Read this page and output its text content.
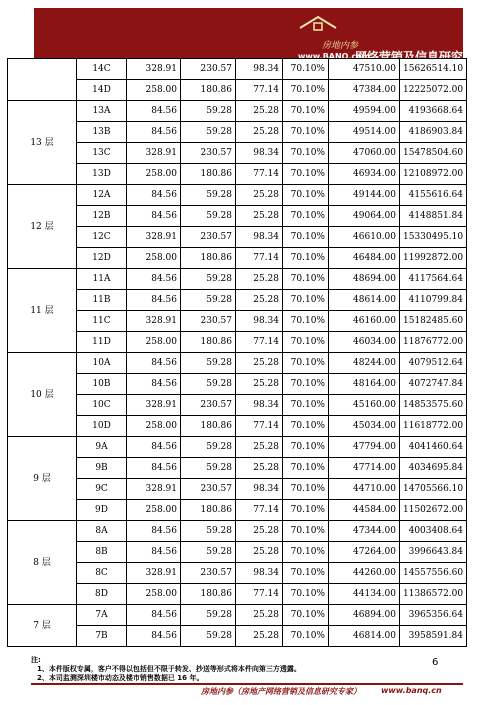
房地内参
www.BANQ.com
网络营销及信息研究专家
	14C	328.91	230.57	98.34	70.10%	47510.00	15626514.10
	14D	258.00	180.86	77.14	70.10%	47384.00	12225072.00
13 层	13A	84.56	59.28	25.28	70.10%	49594.00	4193668.64
	13B	84.56	59.28	25.28	70.10%	49514.00	4186903.84
	13C	328.91	230.57	98.34	70.10%	47060.00	15478504.60
	13D	258.00	180.86	77.14	70.10%	46934.00	12108972.00
12 层	12A	84.56	59.28	25.28	70.10%	49144.00	4155616.64
	12B	84.56	59.28	25.28	70.10%	49064.00	4148851.84
	12C	328.91	230.57	98.34	70.10%	46610.00	15330495.10
	12D	258.00	180.86	77.14	70.10%	46484.00	11992872.00
11 层	11A	84.56	59.28	25.28	70.10%	48694.00	4117564.64
	11B	84.56	59.28	25.28	70.10%	48614.00	4110799.84
	11C	328.91	230.57	98.34	70.10%	46160.00	15182485.60
	11D	258.00	180.86	77.14	70.10%	46034.00	11876772.00
10 层	10A	84.56	59.28	25.28	70.10%	48244.00	4079512.64
	10B	84.56	59.28	25.28	70.10%	48164.00	4072747.84
	10C	328.91	230.57	98.34	70.10%	45160.00	14853575.60
	10D	258.00	180.86	77.14	70.10%	45034.00	11618772.00
9 层	9A	84.56	59.28	25.28	70.10%	47794.00	4041460.64
	9B	84.56	59.28	25.28	70.10%	47714.00	4034695.84
	9C	328.91	230.57	98.34	70.10%	44710.00	14705566.10
	9D	258.00	180.86	77.14	70.10%	44584.00	11502672.00
8 层	8A	84.56	59.28	25.28	70.10%	47344.00	4003408.64
	8B	84.56	59.28	25.28	70.10%	47264.00	3996643.84
	8C	328.91	230.57	98.34	70.10%	44260.00	14557556.60
	8D	258.00	180.86	77.14	70.10%	44134.00	11386572.00
7 层	7A	84.56	59.28	25.28	70.10%	46894.00	3965356.64
	7B	84.56	59.28	25.28	70.10%	46814.00	3958591.84
注:
1、本件版权专属，客户不得以包括但不限于转发、抄送等形式将本件向第三方透露。
2、本司监测深圳楼市动态及楼市销售数据已 16 年。
6
房地内参（房地产网络营销及信息研究专家）	www.banq.cn
